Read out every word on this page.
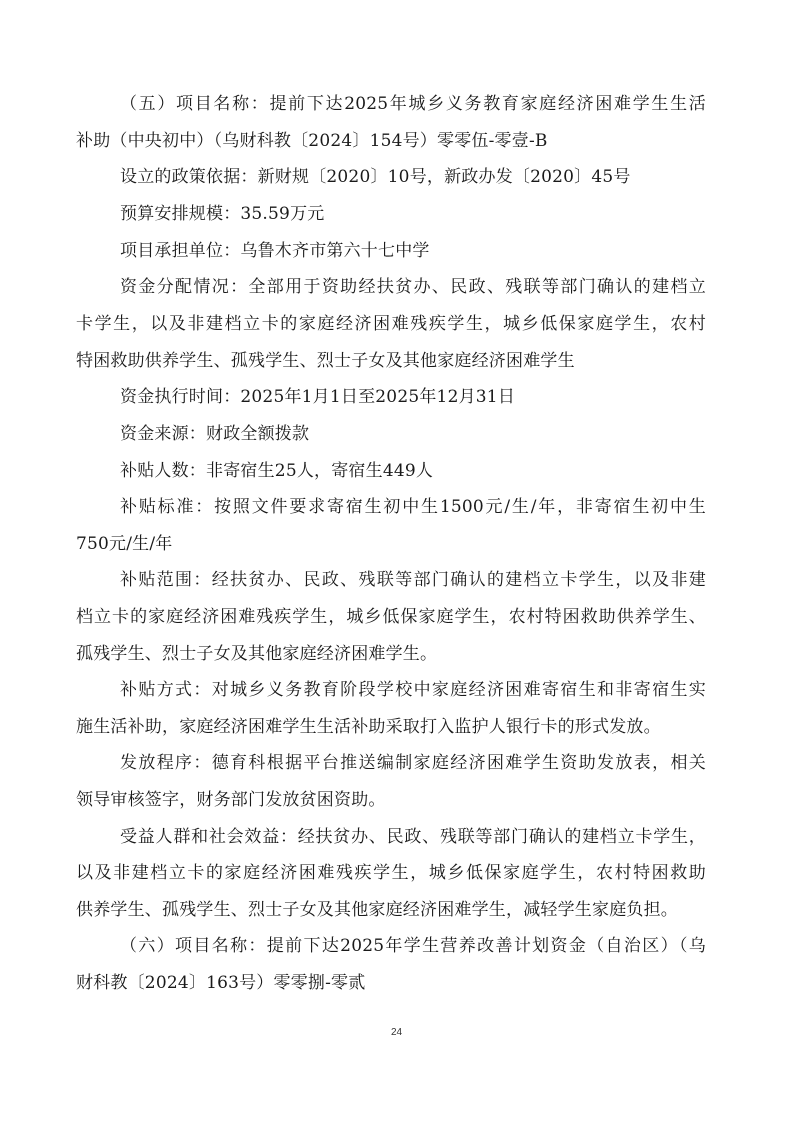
（五）项目名称：提前下达2025年城乡义务教育家庭经济困难学生生活
补助（中央初中）（乌财科教〔2024〕154号）零零伍-零壹-B
设立的政策依据：新财规〔2020〕10号，新政办发〔2020〕45号
预算安排规模：35.59万元
项目承担单位：乌鲁木齐市第六十七中学
资金分配情况：全部用于资助经扶贫办、民政、残联等部门确认的建档立
卡学生，以及非建档立卡的家庭经济困难残疾学生，城乡低保家庭学生，农村
特困救助供养学生、孤残学生、烈士子女及其他家庭经济困难学生
资金执行时间：2025年1月1日至2025年12月31日
资金来源：财政全额拨款
补贴人数：非寄宿生25人，寄宿生449人
补贴标准：按照文件要求寄宿生初中生1500元/生/年，非寄宿生初中生
750元/生/年
补贴范围：经扶贫办、民政、残联等部门确认的建档立卡学生，以及非建
档立卡的家庭经济困难残疾学生，城乡低保家庭学生，农村特困救助供养学生、
孤残学生、烈士子女及其他家庭经济困难学生。
补贴方式：对城乡义务教育阶段学校中家庭经济困难寄宿生和非寄宿生实
施生活补助，家庭经济困难学生生活补助采取打入监护人银行卡的形式发放。
发放程序：德育科根据平台推送编制家庭经济困难学生资助发放表，相关
领导审核签字，财务部门发放贫困资助。
受益人群和社会效益：经扶贫办、民政、残联等部门确认的建档立卡学生，
以及非建档立卡的家庭经济困难残疾学生，城乡低保家庭学生，农村特困救助
供养学生、孤残学生、烈士子女及其他家庭经济困难学生，减轻学生家庭负担。
（六）项目名称：提前下达2025年学生营养改善计划资金（自治区）（乌
财科教〔2024〕163号）零零捌-零贰
24
